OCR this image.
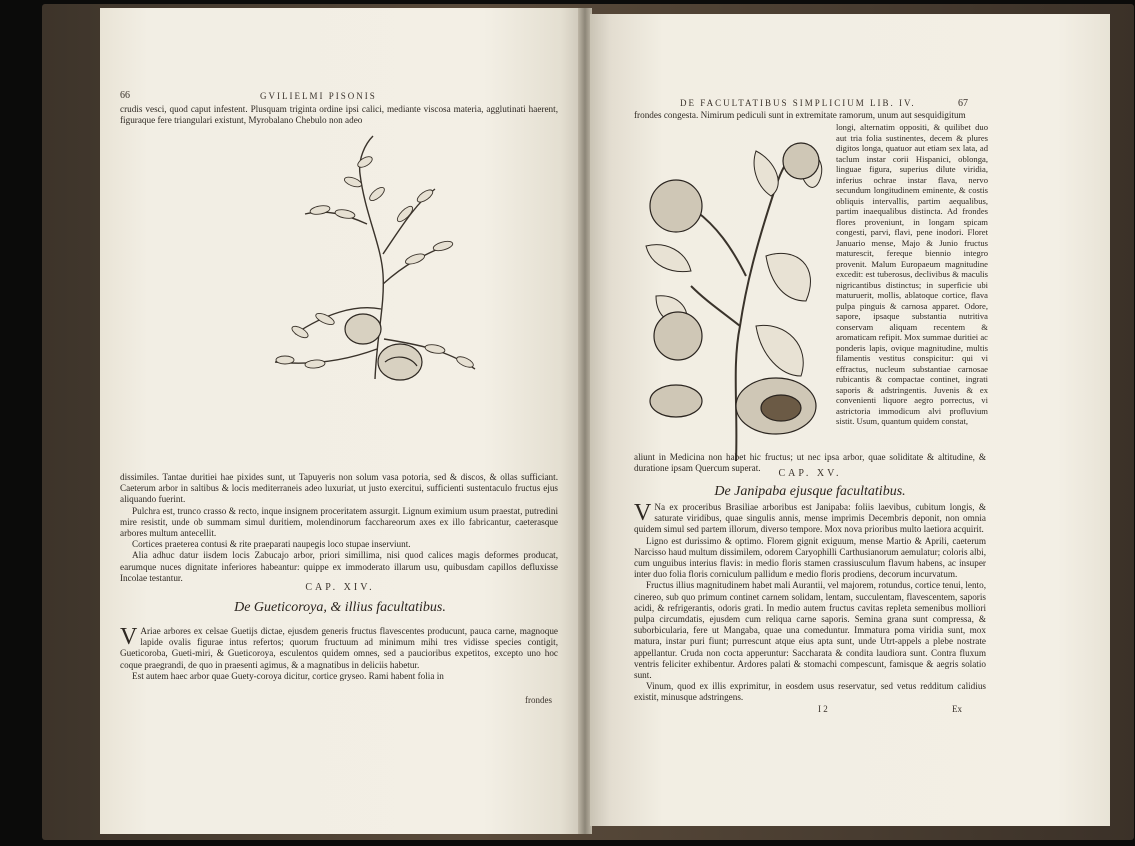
66	GVILIELMI PISONIS
crudis vesci, quod caput infestent. Plusquam triginta ordine ipsi calici, mediante viscosa materia, agglutinati haerent, figuraque fere triangulari existunt, Myrobalano Chebulo non adeo

dissimiles. Tantae duritiei hae pixides sunt, ut Tapuyeris non solum vasa potoria, sed & discos, & ollas sufficiant. Caeterum arbor in saltibus & locis mediterraneis adeo luxuriat, ut justo exercitui, sufficienti sustentaculo fructus ejus aliquando fuerint.

Pulchra est, trunco crasso & recto, inque insignem proceritatem assurgit. Lignum eximium usum praestat, putredini mire resistit, unde ob summam simul duritiem, molendinorum facchareorum axes ex illo fabricantur, caeterasque arbores multum antecellit.

Cortices praeterea contusi & rite praeparati naupegis loco stupae inserviunt.

Alia adhuc datur iisdem locis Zabucajo arbor, priori simillima, nisi quod calices magis deformes producat, earumque nuces dignitate inferiores habeantur: quippe ex immoderato illarum usu, quibusdam capillos defluxisse Incolae testantur.

CAP. XIV.
De Gueticoroya, & illius facultatibus.

V Ariae arbores ex celsae Guetijs dictae, ejusdem generis fructus flavescentes producunt, pauca carne, magnoque lapide ovalis figurae intus refertos; quorum fructuum ad minimum mihi tres vidisse species contigit, Gueticoroba, Gueti-miri, & Gueticoroya, esculentos quidem omnes, sed a paucioribus expetitos, excepto uno hoc coque praegrandi, de quo in praesenti agimus, & a magnatibus in deliciis habetur.

Est autem haec arbor quae Guety-coroya dicitur, cortice gryseo. Rami habent folia in

frondes
DE FACULTATIBUS SIMPLICIUM LIB. IV.	67
frondes congesta. Nimirum pediculi sunt in extremitate ramorum, unum aut sesquidigitum
longi, alternatim oppositi, & quilibet duo aut tria folia sustinentes, decem & plures digitos longa, quatuor aut etiam sex lata, ad taclum instar corii Hispanici, oblonga, linguae figura, superius dilute viridia, inferius ochrae instar flava, nervo secundum longitudinem eminente, & costis obliquis intervallis, partim aequalibus, partim inaequalibus distincta. Ad frondes flores proveniunt, in longam spicam congesti, parvi, flavi, pene inodori. Floret Januario mense, Majo & Junio fructus maturescit, fereque biennio integro provenit. Malum Europaeum magnitudine excedit: est tuberosus, declivibus & maculis nigricantibus distinctus; in superficie ubi maturuerit, mollis, ablatoque cortice, flava pulpa pinguis & carnosa apparet. Odore, sapore, ipsaque substantia nutritiva conservam aliquam recentem & aromaticam refipit. Mox summae duritiei ac ponderis lapis, ovique magnitudine, multis filamentis vestitus conspicitur: qui vi effractus, nucleum substantiae carnosae rubicantis & compactae continet, ingrati saporis & adstringentis. Juvenis & ex convenienti liquore aegro porrectus, vi astrictoria immodicum alvi profluvium sistit. Usum, quantum quidem constat,
aliunt in Medicina non habet hic fructus; ut nec ipsa arbor, quae soliditate & altitudine, & duratione ipsam Quercum superat.	CAP. XV.
De Janipaba ejusque facultatibus.

V Na ex proceribus Brasiliae arboribus est Janipaba: foliis laevibus, cubitum longis, & saturate viridibus, quae singulis annis, mense imprimis Decembris deponit, non omnia quidem simul sed partem illorum, diverso tempore. Mox nova prioribus multo laetiora acquirit.

Ligno est durissimo & optimo. Florem gignit exiguum, mense Martio & Aprili, caeterum Narcisso haud multum dissimilem, odorem Caryophilli Carthusianorum aemulatur; coloris albi, cum unguibus interius flavis: in medio floris stamen crassiusculum flavum habens, ac insuper inter duo folia floris corniculum pallidum e medio floris prodiens, decorum incurvatum.

Fructus illius magnitudinem habet mali Aurantii, vel majorem, rotundus, cortice tenui, lento, cinereo, sub quo primum continet carnem solidam, lentam, succulentam, flavescentem, saporis acidi, & refrigerantis, odoris grati. In medio autem fructus cavitas repleta semenibus molliori pulpa circumdatis, ejusdem cum reliqua carne saporis. Semina grana sunt compressa, & suborbicularia, fere ut Mangaba, quae una comeduntur. Immatura poma viridia sunt, mox matura, instar puri fiunt; purrescunt atque eius apta sunt, unde Utrt-appels a plebe nostrate appellantur. Cruda non cocta apperuntur: Saccharata & condita laudiora sunt. Contra fluxum ventris feliciter exhibentur. Ardores palati & stomachi compescunt, famisque & aegris solatio sunt.

Vinum, quod ex illis exprimitur, in eosdem usus reservatur, sed vetus redditum calidius existit, minusque adstringens.

I 2	Ex
